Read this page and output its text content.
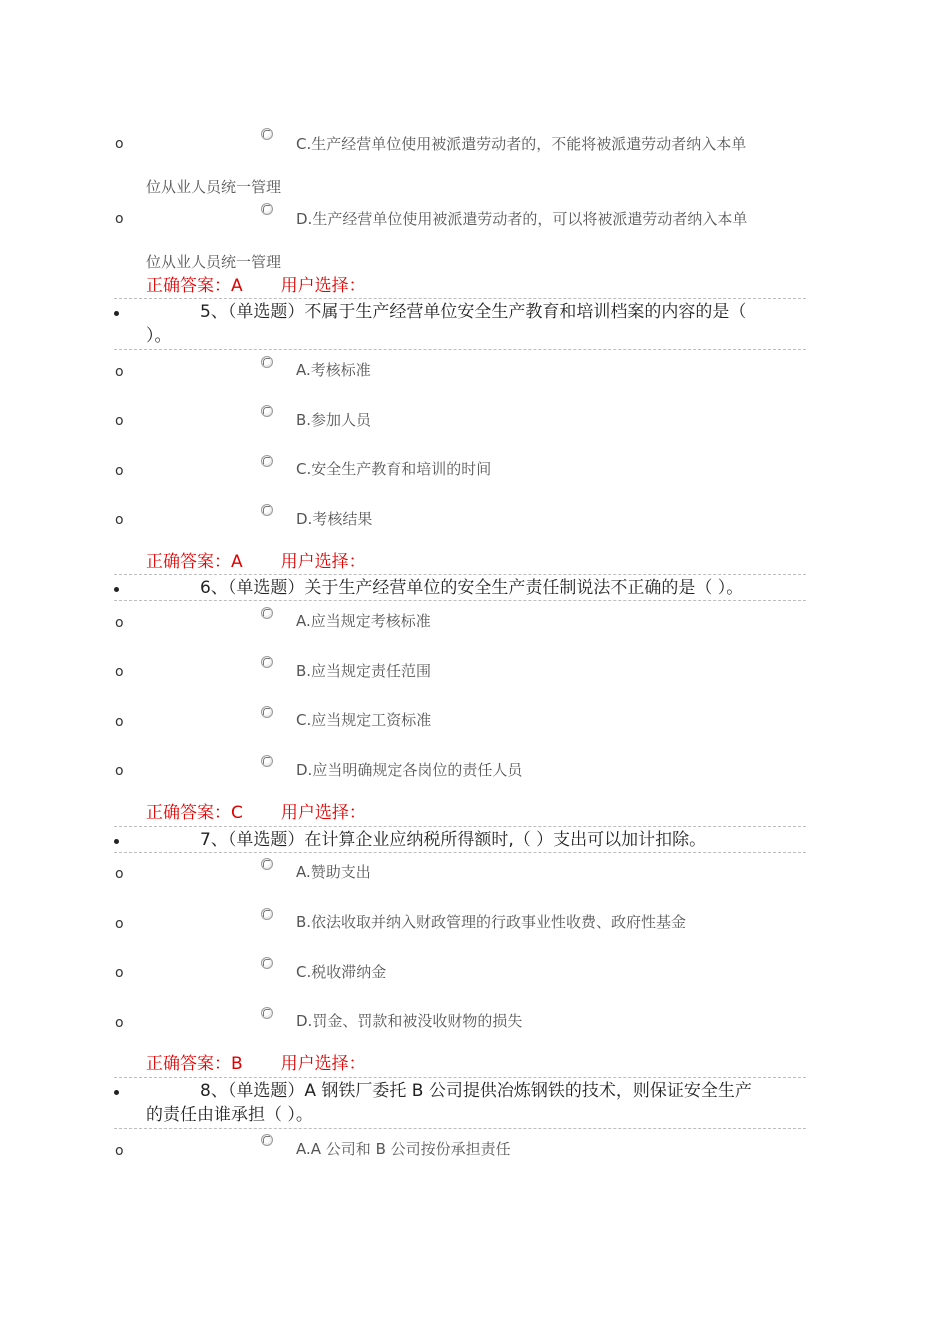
o	C.生产经营单位使用被派遣劳动者的，不能将被派遣劳动者纳入本单
位从业人员统一管理
o	D.生产经营单位使用被派遣劳动者的，可以将被派遣劳动者纳入本单
位从业人员统一管理
正确答案：A 用户选择：
5、（单选题）不属于生产经营单位安全生产教育和培训档案的内容的是（
）。
o	A.考核标准
o	B.参加人员
o	C.安全生产教育和培训的时间
o	D.考核结果
正确答案：A 用户选择：
6、（单选题）关于生产经营单位的安全生产责任制说法不正确的是（ ）。
o	A.应当规定考核标准
o	B.应当规定责任范围
o	C.应当规定工资标准
o	D.应当明确规定各岗位的责任人员
正确答案：C 用户选择：
7、（单选题）在计算企业应纳税所得额时,（ ）支出可以加计扣除。
o	A.赞助支出
o	B.依法收取并纳入财政管理的行政事业性收费、政府性基金
o	C.税收滞纳金
o	D.罚金、罚款和被没收财物的损失
正确答案：B 用户选择：
8、（单选题）A 钢铁厂委托 B 公司提供冶炼钢铁的技术，则保证安全生产
的责任由谁承担（ ）。
o	A.A 公司和 B 公司按份承担责任
